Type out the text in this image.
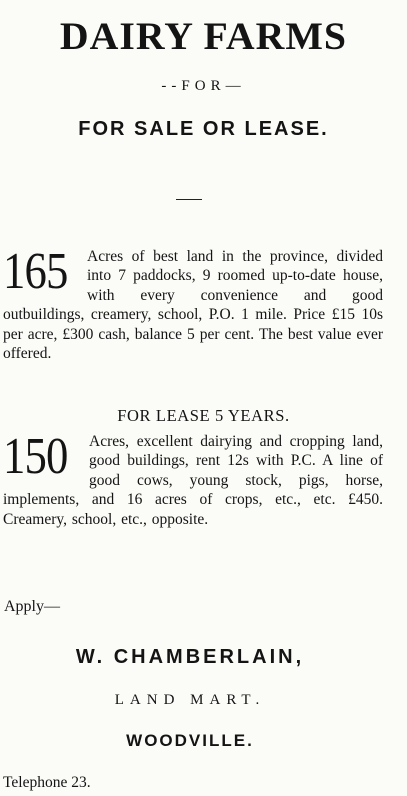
DAIRY FARMS
--FOR—
FOR SALE OR LEASE.
165 Acres of best land in the province, divided into 7 paddocks, 9 roomed up-to-date house, with every convenience and good outbuildings, creamery, school, P.O. 1 mile. Price £15 10s per acre, £300 cash, balance 5 per cent. The best value ever offered.
FOR LEASE 5 YEARS.
150 Acres, excellent dairying and cropping land, good buildings, rent 12s with P.C. A line of good cows, young stock, pigs, horse, implements, and 16 acres of crops, etc., etc. £450. Creamery, school, etc., opposite.
Apply—
W. CHAMBERLAIN,
LAND MART.
WOODVILLE.
Telephone 23.
